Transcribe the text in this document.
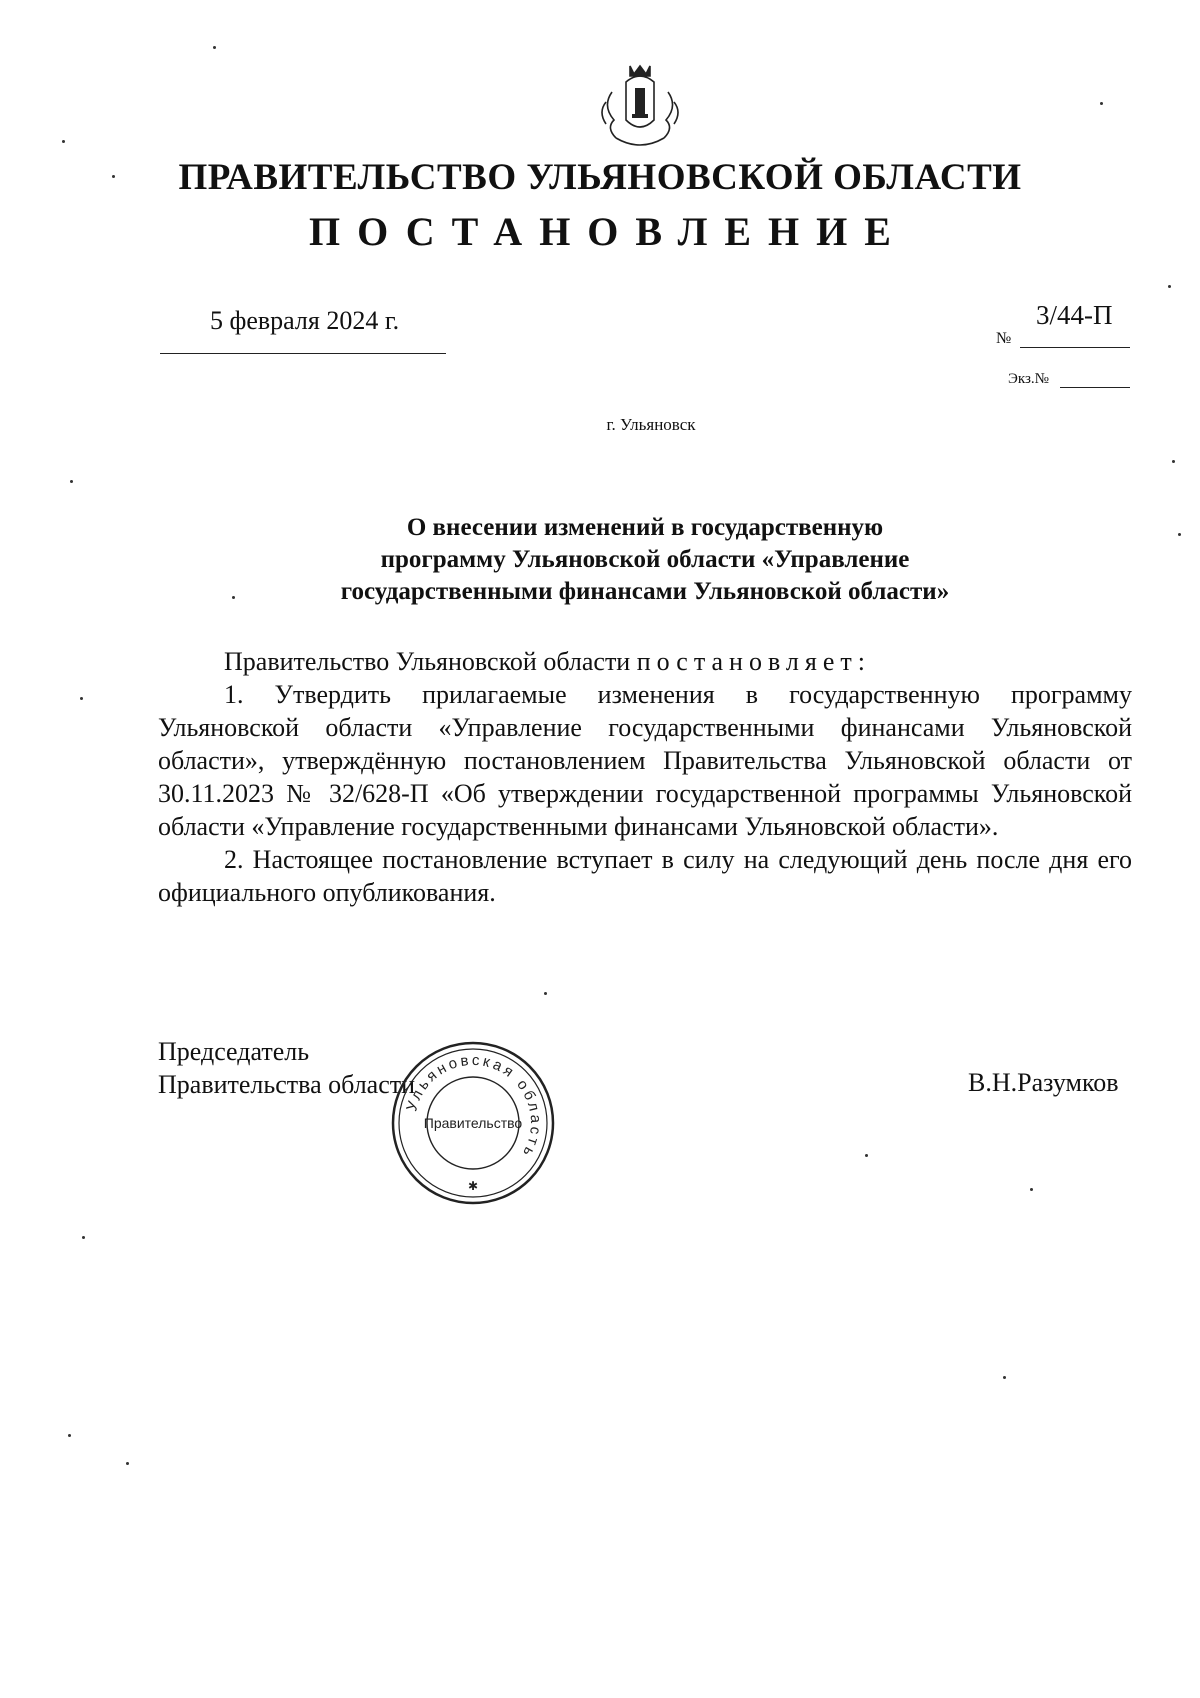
ПРАВИТЕЛЬСТВО УЛЬЯНОВСКОЙ ОБЛАСТИ
ПОСТАНОВЛЕНИЕ
5 февраля 2024 г.
№
3/44-П
Экз.№
г. Ульяновск
О внесении изменений в государственную
программу Ульяновской области «Управление
государственными финансами Ульяновской области»

Правительство Ульяновской области постановляет:

1. Утвердить прилагаемые изменения в государственную программу Ульяновской области «Управление государственными финансами Ульяновской области», утверждённую постановлением Правительства Ульяновской области от 30.11.2023 № 32/628-П «Об утверждении государственной программы Ульяновской области «Управление государственными финансами Ульяновской области».

2. Настоящее постановление вступает в силу на следующий день после дня его официального опубликования.

Председатель
Правительства области	В.Н.Разумков
Ульяновская область
Правительство
✱
